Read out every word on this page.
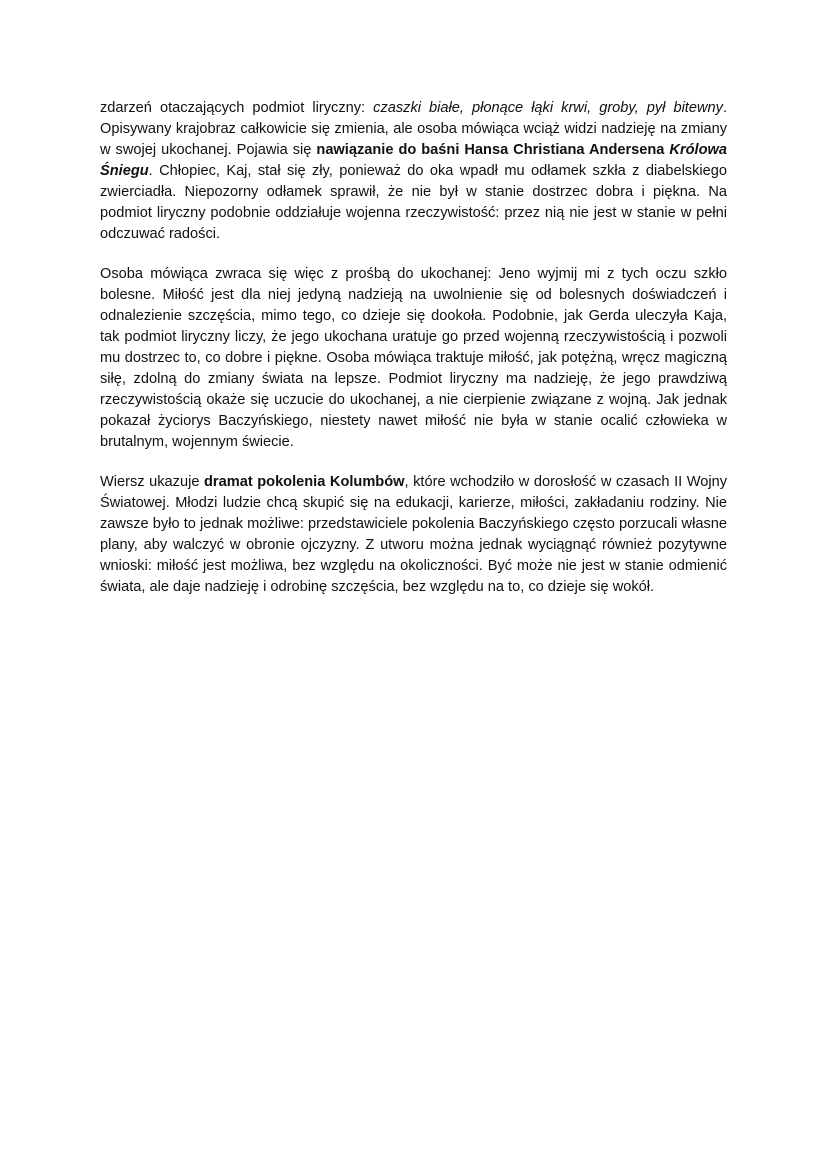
zdarzeń otaczających podmiot liryczny: czaszki białe, płonące łąki krwi, groby, pył bitewny. Opisywany krajobraz całkowicie się zmienia, ale osoba mówiąca wciąż widzi nadzieję na zmiany w swojej ukochanej. Pojawia się nawiązanie do baśni Hansa Christiana Andersena Królowa Śniegu. Chłopiec, Kaj, stał się zły, ponieważ do oka wpadł mu odłamek szkła z diabelskiego zwierciadła. Niepozorny odłamek sprawił, że nie był w stanie dostrzec dobra i piękna. Na podmiot liryczny podobnie oddziałuje wojenna rzeczywistość: przez nią nie jest w stanie w pełni odczuwać radości.

Osoba mówiąca zwraca się więc z prośbą do ukochanej: Jeno wyjmij mi z tych oczu szkło bolesne. Miłość jest dla niej jedyną nadzieją na uwolnienie się od bolesnych doświadczeń i odnalezienie szczęścia, mimo tego, co dzieje się dookoła. Podobnie, jak Gerda uleczyła Kaja, tak podmiot liryczny liczy, że jego ukochana uratuje go przed wojenną rzeczywistością i pozwoli mu dostrzec to, co dobre i piękne. Osoba mówiąca traktuje miłość, jak potężną, wręcz magiczną siłę, zdolną do zmiany świata na lepsze. Podmiot liryczny ma nadzieję, że jego prawdziwą rzeczywistością okaże się uczucie do ukochanej, a nie cierpienie związane z wojną. Jak jednak pokazał życiorys Baczyńskiego, niestety nawet miłość nie była w stanie ocalić człowieka w brutalnym, wojennym świecie.

Wiersz ukazuje dramat pokolenia Kolumbów, które wchodziło w dorosłość w czasach II Wojny Światowej. Młodzi ludzie chcą skupić się na edukacji, karierze, miłości, zakładaniu rodziny. Nie zawsze było to jednak możliwe: przedstawiciele pokolenia Baczyńskiego często porzucali własne plany, aby walczyć w obronie ojczyzny. Z utworu można jednak wyciągnąć również pozytywne wnioski: miłość jest możliwa, bez względu na okoliczności. Być może nie jest w stanie odmienić świata, ale daje nadzieję i odrobinę szczęścia, bez względu na to, co dzieje się wokół.
